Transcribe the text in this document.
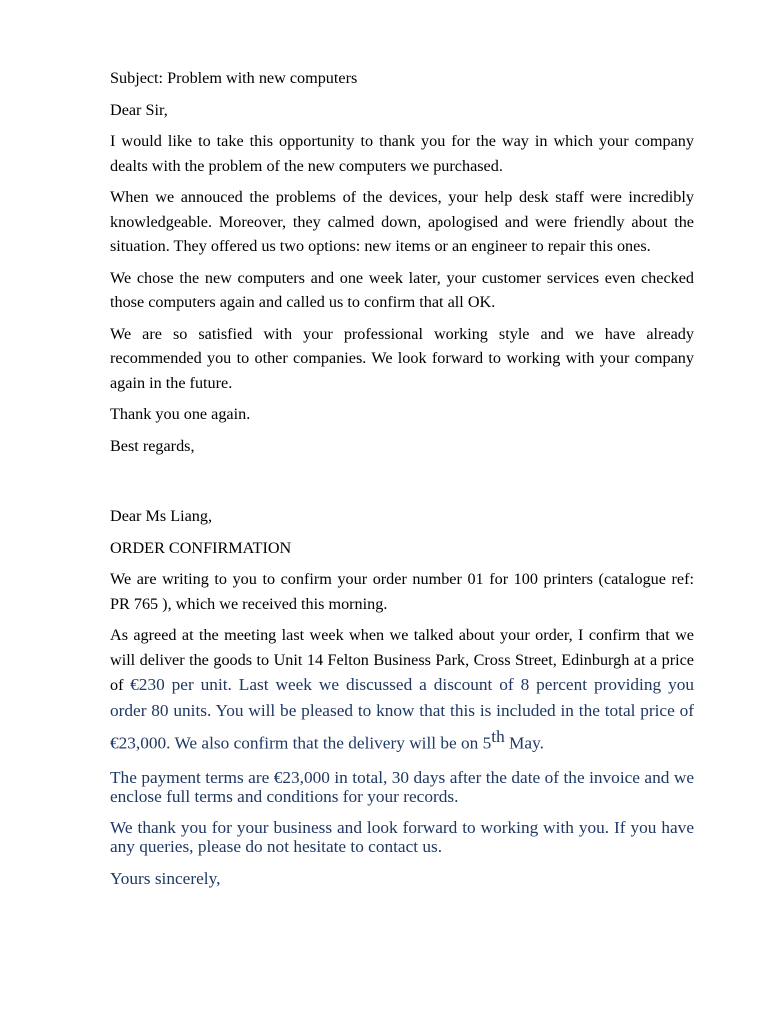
Subject: Problem with new computers

Dear Sir,

I would like to take this opportunity to thank you for the way in which your company dealts with the problem of the new computers we purchased.

When we annouced the problems of the devices, your help desk staff were incredibly knowledgeable. Moreover, they calmed down, apologised and were friendly about the situation. They offered us two options: new items or an engineer to repair this ones.

We chose the new computers and one week later, your customer services even checked those computers again and called us to confirm that all OK.

We are so satisfied with your professional working style and we have already recommended you to other companies. We look forward to working with your company again in the future.

Thank you one again.

Best regards,

Dear Ms Liang,

ORDER CONFIRMATION

We are writing to you to confirm your order number 01 for 100 printers (catalogue ref: PR 765 ), which we received this morning.

As agreed at the meeting last week when we talked about your order, I confirm that we will deliver the goods to Unit 14 Felton Business Park, Cross Street, Edinburgh at a price of €230 per unit. Last week we discussed a discount of 8 percent providing you order 80 units. You will be pleased to know that this is included in the total price of €23,000. We also confirm that the delivery will be on 5th May.

The payment terms are €23,000 in total, 30 days after the date of the invoice and we enclose full terms and conditions for your records.

We thank you for your business and look forward to working with you. If you have any queries, please do not hesitate to contact us.

Yours sincerely,
